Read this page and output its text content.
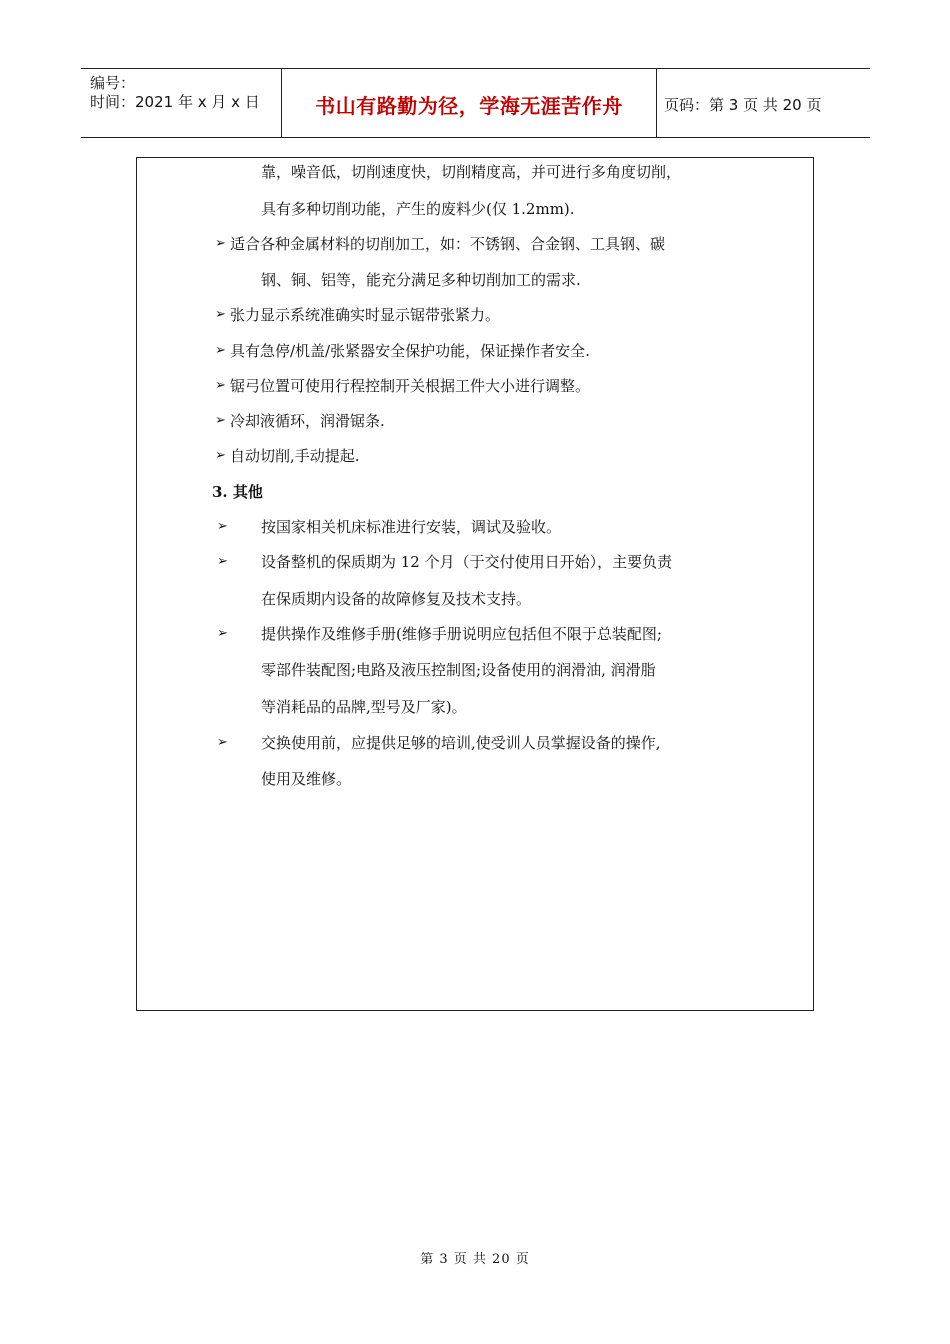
编号：
时间：2021 年 x 月 x 日	书山有路勤为径，学海无涯苦作舟	页码：第 3 页 共 20 页
靠，噪音低，切削速度快，切削精度高，并可进行多角度切削，
具有多种切削功能，产生的废料少(仅 1.2mm).
➢ 适合各种金属材料的切削加工，如：不锈钢、合金钢、工具钢、碳
钢、铜、铝等，能充分满足多种切削加工的需求.
➢ 张力显示系统准确实时显示锯带张紧力。
➢ 具有急停/机盖/张紧器安全保护功能，保证操作者安全.
➢ 锯弓位置可使用行程控制开关根据工件大小进行调整。
➢ 冷却液循环，润滑锯条.
➢ 自动切削,手动提起.
3. 其他
➢ 按国家相关机床标准进行安装，调试及验收。
➢ 设备整机的保质期为 12 个月（于交付使用日开始），主要负责
在保质期内设备的故障修复及技术支持。
➢ 提供操作及维修手册(维修手册说明应包括但不限于总装配图;
零部件装配图;电路及液压控制图;设备使用的润滑油, 润滑脂
等消耗品的品牌,型号及厂家)。
➢ 交换使用前，应提供足够的培训,使受训人员掌握设备的操作,
使用及维修。
第 3 页 共 20 页
